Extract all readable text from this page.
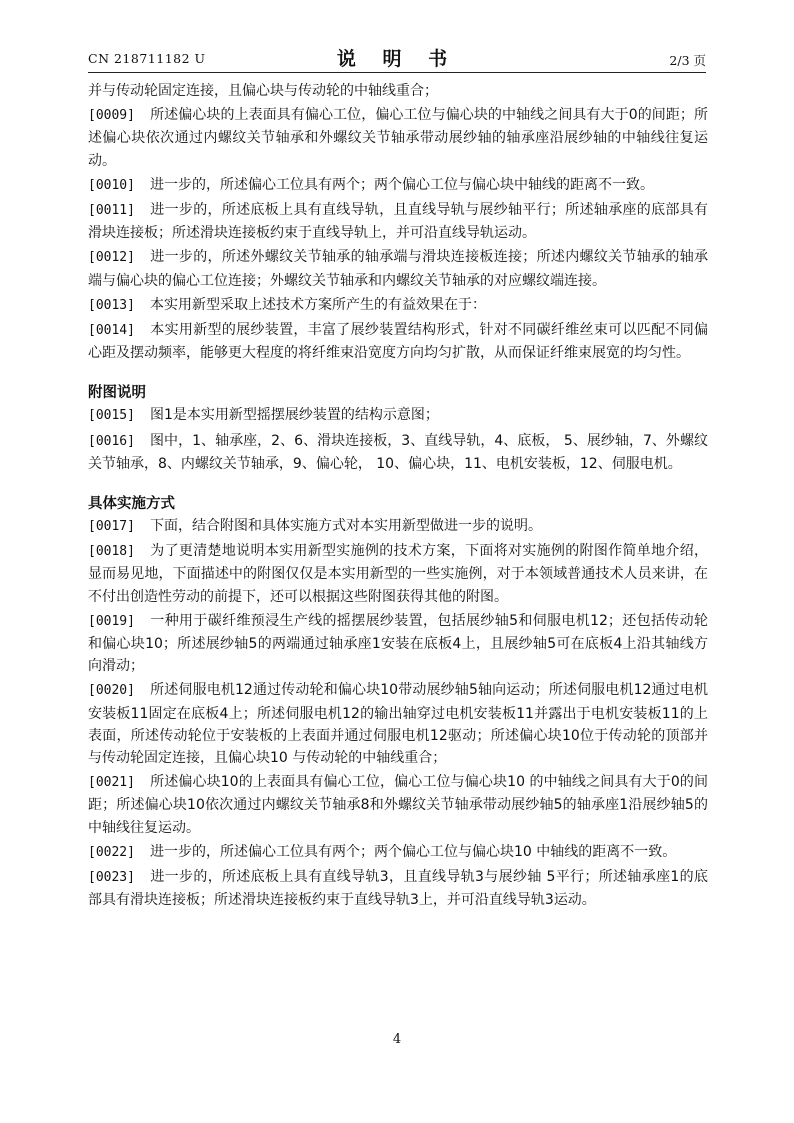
CN 218711182 U	说 明 书	2/3 页
并与传动轮固定连接，且偏心块与传动轮的中轴线重合；
[0009] 所述偏心块的上表面具有偏心工位，偏心工位与偏心块的中轴线之间具有大于0的间距；所述偏心块依次通过内螺纹关节轴承和外螺纹关节轴承带动展纱轴的轴承座沿展纱轴的中轴线往复运动。
[0010] 进一步的，所述偏心工位具有两个；两个偏心工位与偏心块中轴线的距离不一致。
[0011] 进一步的，所述底板上具有直线导轨，且直线导轨与展纱轴平行；所述轴承座的底部具有滑块连接板；所述滑块连接板约束于直线导轨上，并可沿直线导轨运动。
[0012] 进一步的，所述外螺纹关节轴承的轴承端与滑块连接板连接；所述内螺纹关节轴承的轴承端与偏心块的偏心工位连接；外螺纹关节轴承和内螺纹关节轴承的对应螺纹端连接。
[0013] 本实用新型采取上述技术方案所产生的有益效果在于：
[0014] 本实用新型的展纱装置，丰富了展纱装置结构形式，针对不同碳纤维丝束可以匹配不同偏心距及摆动频率，能够更大程度的将纤维束沿宽度方向均匀扩散，从而保证纤维束展宽的均匀性。
附图说明
[0015] 图1是本实用新型摇摆展纱装置的结构示意图；
[0016] 图中，1、轴承座，2、6、滑块连接板，3、直线导轨，4、底板， 5、展纱轴，7、外螺纹关节轴承，8、内螺纹关节轴承，9、偏心轮， 10、偏心块，11、电机安装板，12、伺服电机。
具体实施方式
[0017] 下面，结合附图和具体实施方式对本实用新型做进一步的说明。
[0018] 为了更清楚地说明本实用新型实施例的技术方案，下面将对实施例的附图作简单地介绍，显而易见地，下面描述中的附图仅仅是本实用新型的一些实施例，对于本领域普通技术人员来讲，在不付出创造性劳动的前提下，还可以根据这些附图获得其他的附图。
[0019] 一种用于碳纤维预浸生产线的摇摆展纱装置，包括展纱轴5和伺服电机12；还包括传动轮和偏心块10；所述展纱轴5的两端通过轴承座1安装在底板4上，且展纱轴5可在底板4上沿其轴线方向滑动；
[0020] 所述伺服电机12通过传动轮和偏心块10带动展纱轴5轴向运动；所述伺服电机12通过电机安装板11固定在底板4上；所述伺服电机12的输出轴穿过电机安装板11并露出于电机安装板11的上表面，所述传动轮位于安装板的上表面并通过伺服电机12驱动；所述偏心块10位于传动轮的顶部并与传动轮固定连接，且偏心块10 与传动轮的中轴线重合；
[0021] 所述偏心块10的上表面具有偏心工位，偏心工位与偏心块10 的中轴线之间具有大于0的间距；所述偏心块10依次通过内螺纹关节轴承8和外螺纹关节轴承带动展纱轴5的轴承座1沿展纱轴5的中轴线往复运动。
[0022] 进一步的，所述偏心工位具有两个；两个偏心工位与偏心块10 中轴线的距离不一致。
[0023] 进一步的，所述底板上具有直线导轨3，且直线导轨3与展纱轴 5平行；所述轴承座1的底部具有滑块连接板；所述滑块连接板约束于直线导轨3上，并可沿直线导轨3运动。
4
